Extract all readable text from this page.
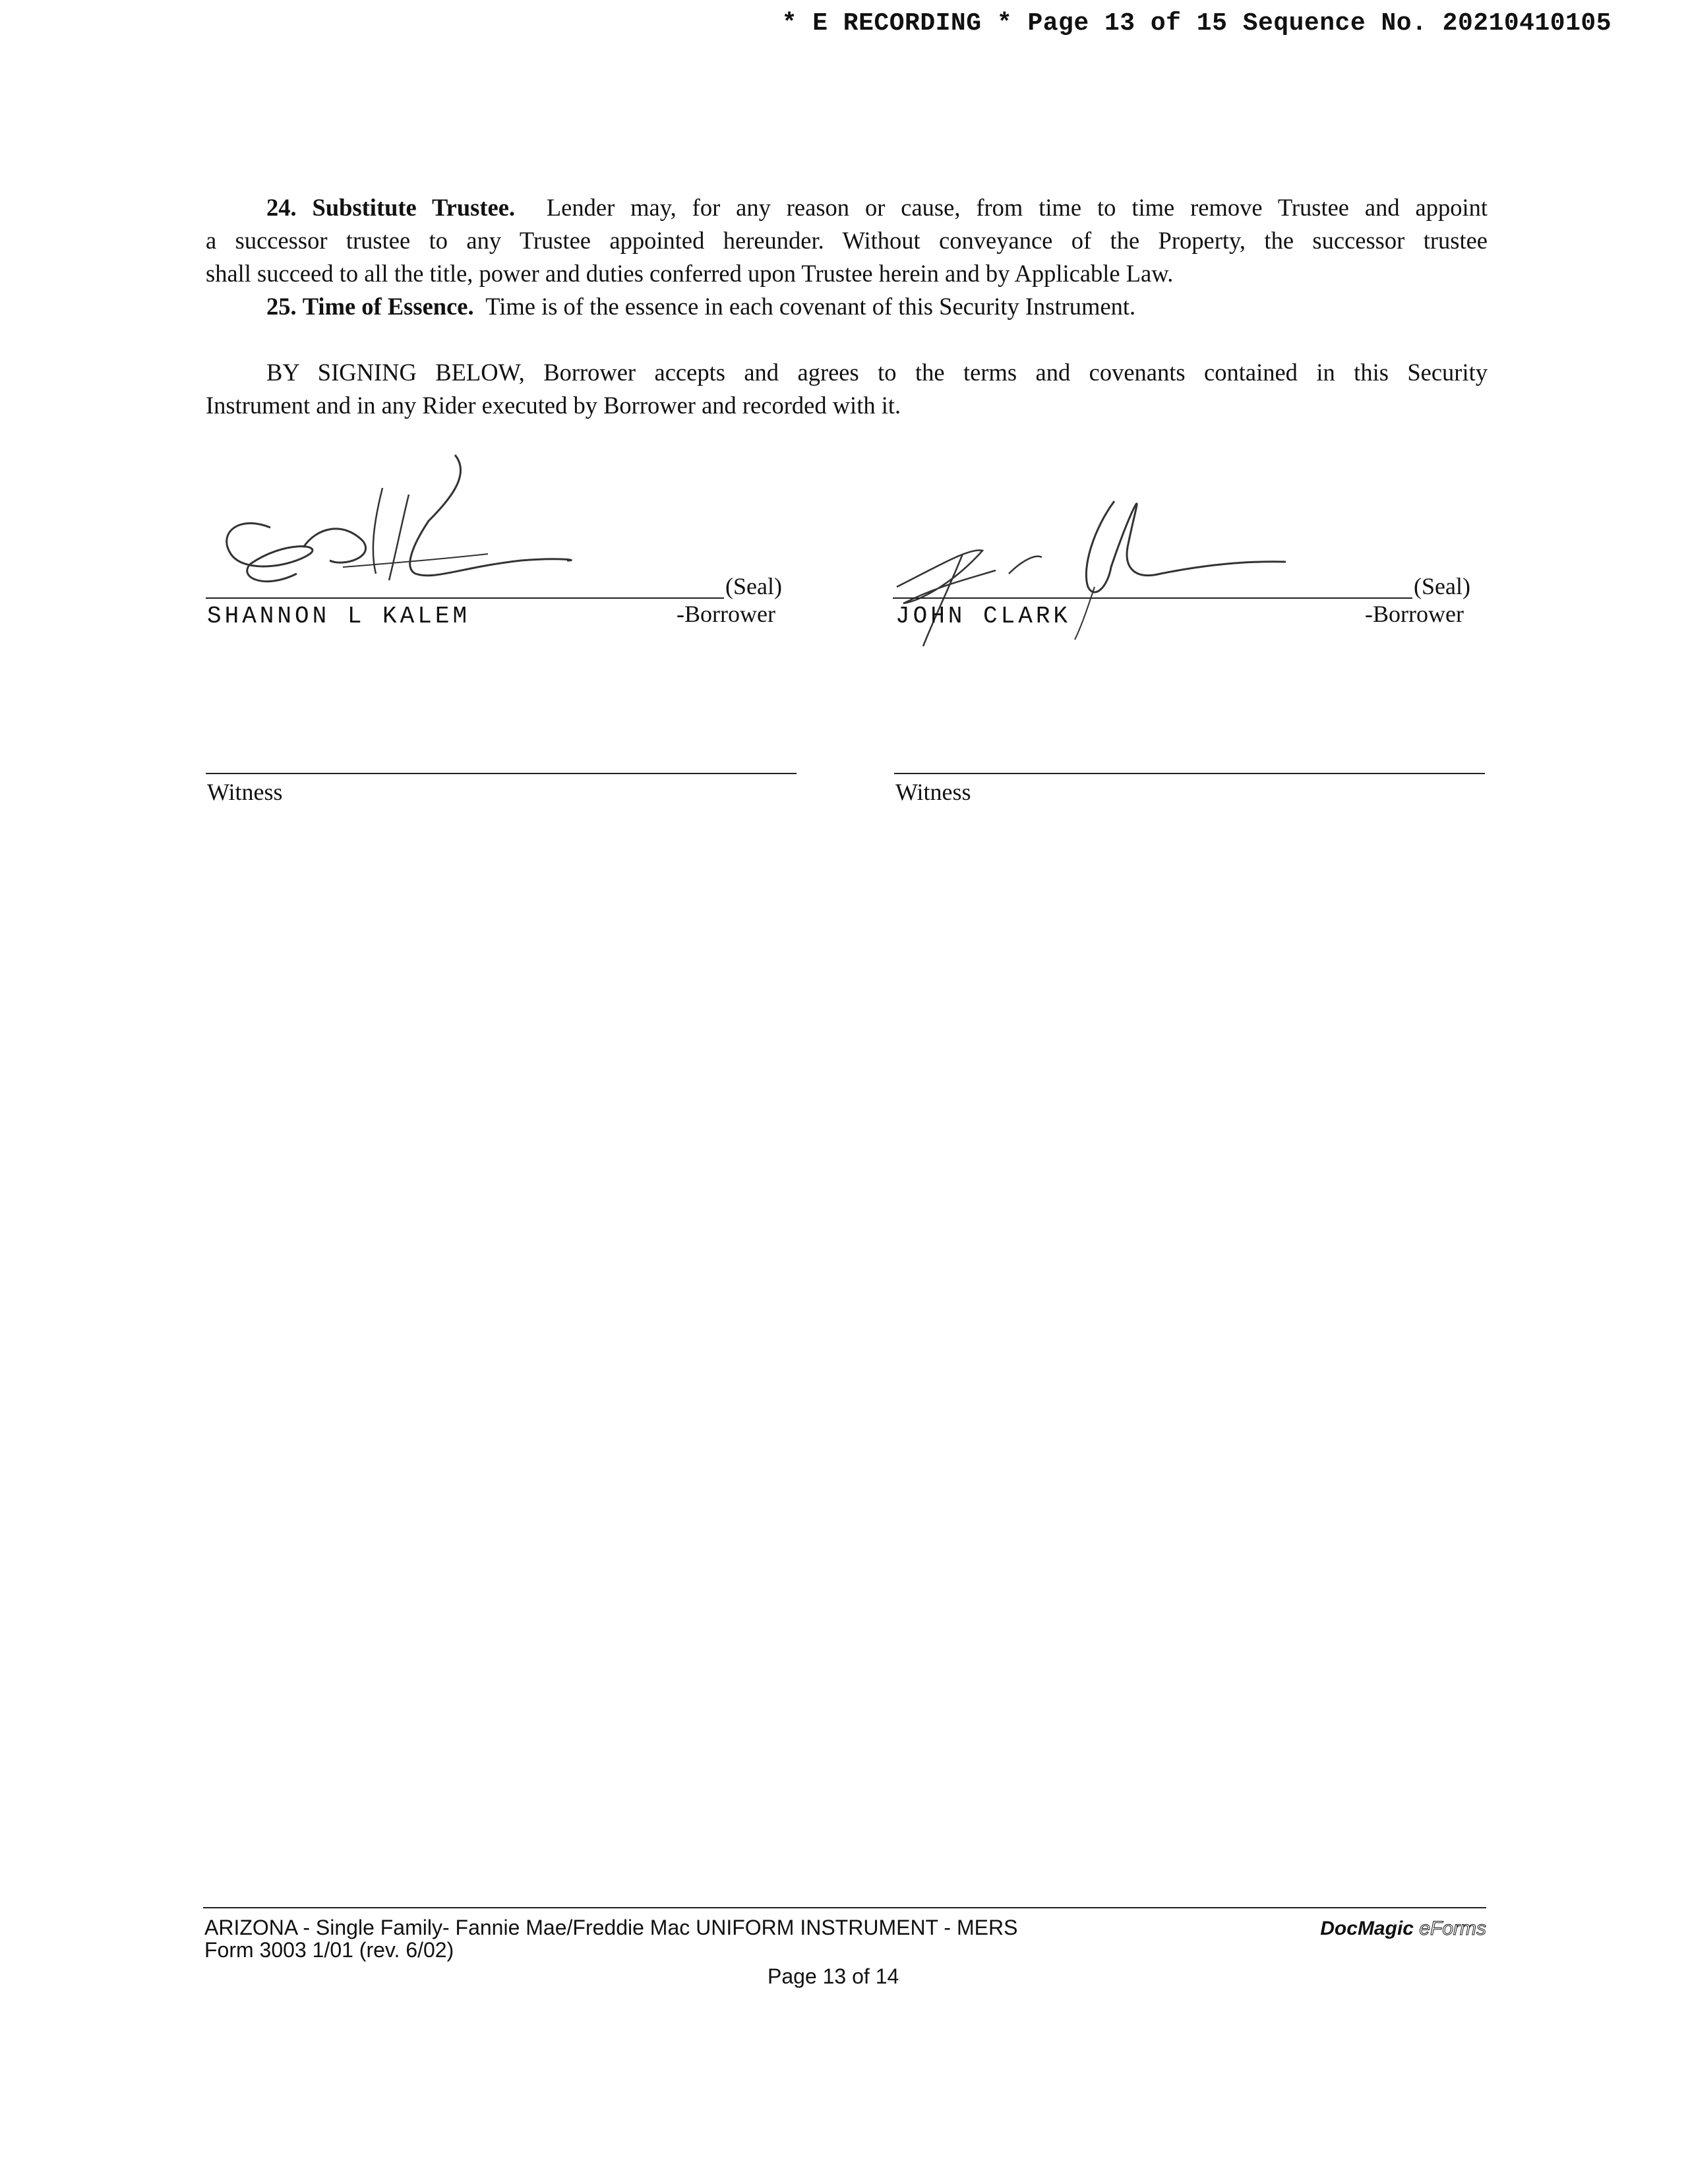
* E RECORDING * Page 13 of 15 Sequence No. 20210410105
24. Substitute Trustee. Lender may, for any reason or cause, from time to time remove Trustee and appoint
a successor trustee to any Trustee appointed hereunder. Without conveyance of the Property, the successor trustee
shall succeed to all the title, power and duties conferred upon Trustee herein and by Applicable Law.
25. Time of Essence. Time is of the essence in each covenant of this Security Instrument.
BY SIGNING BELOW, Borrower accepts and agrees to the terms and covenants contained in this Security
Instrument and in any Rider executed by Borrower and recorded with it.
(Seal)
SHANNON L KALEM	-Borrower
(Seal)
JOHN CLARK	-Borrower
Witness	Witness
ARIZONA - Single Family- Fannie Mae/Freddie Mac UNIFORM INSTRUMENT - MERS
Form 3003 1/01 (rev. 6/02)
Page 13 of 14
DocMagic eForms
